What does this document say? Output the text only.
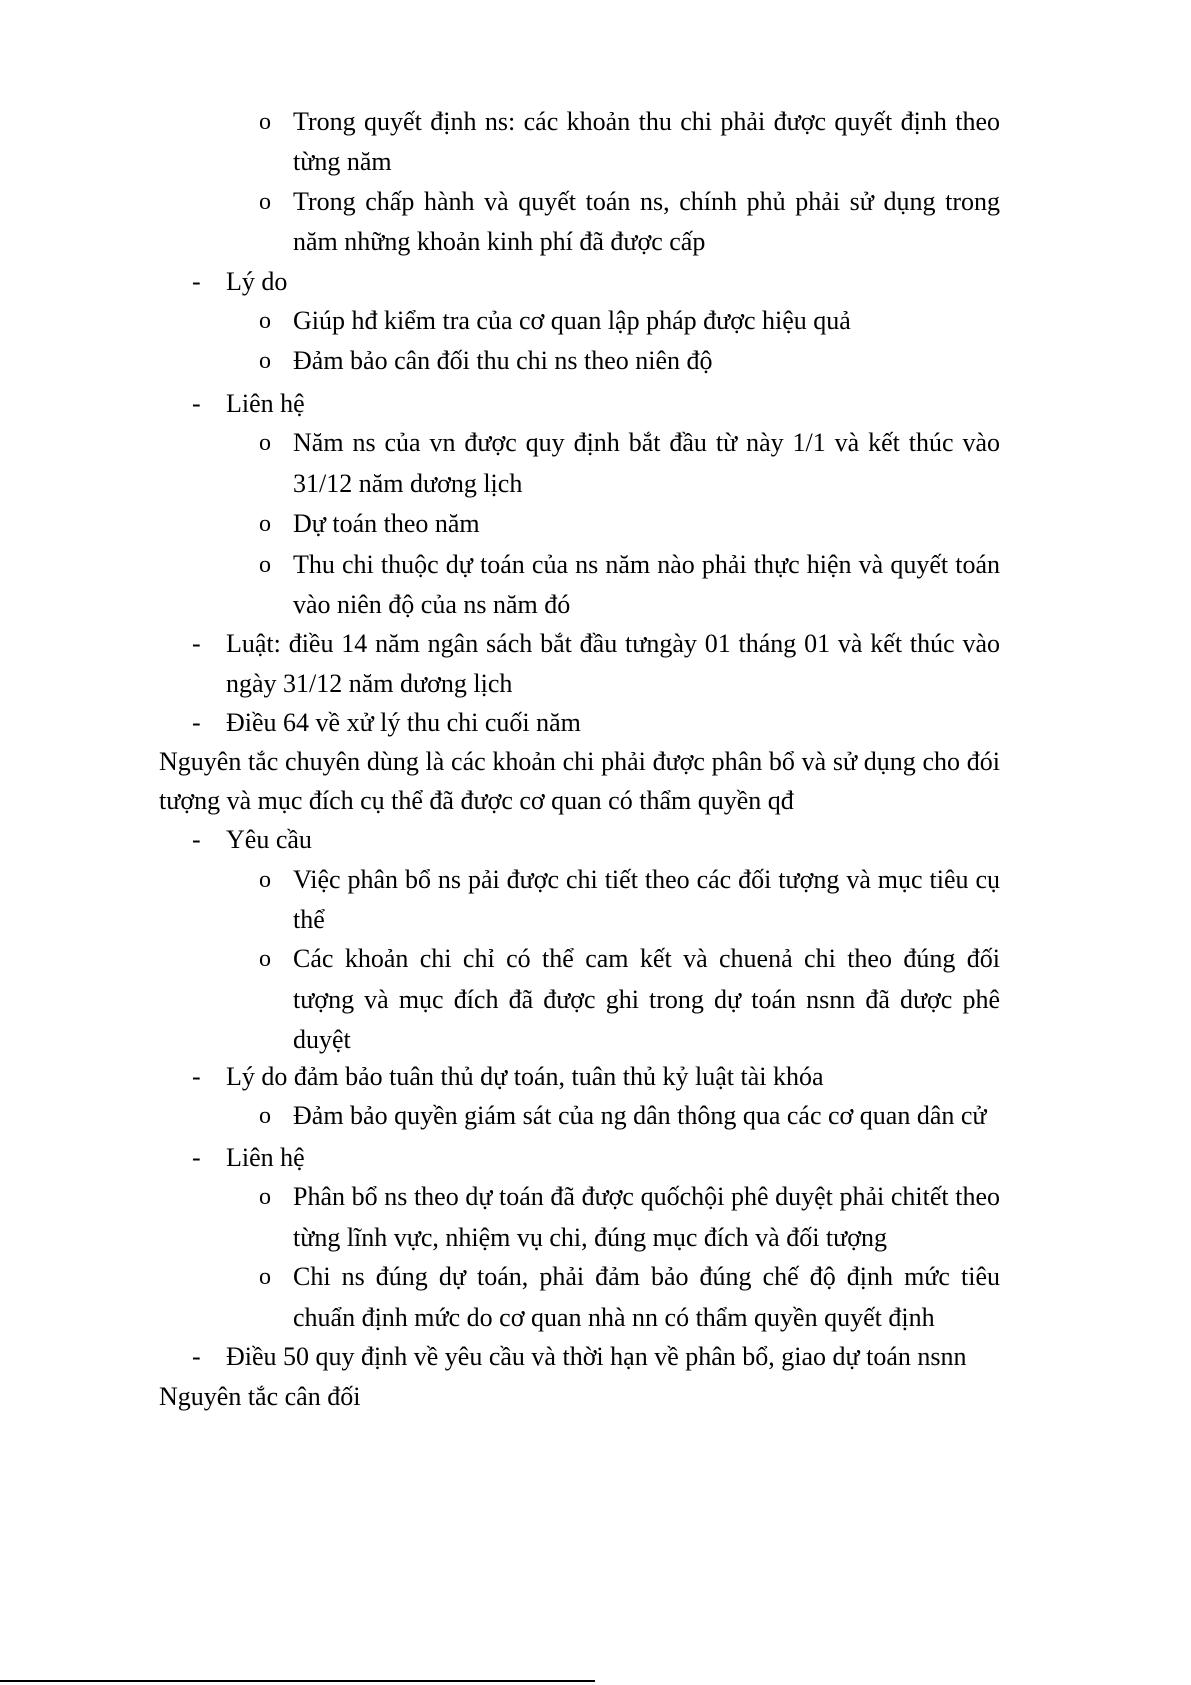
o Trong quyết định ns: các khoản thu chi phải được quyết định theo
từng năm
o Trong chấp hành và quyết toán ns, chính phủ phải sử dụng trong
năm những khoản kinh phí đã được cấp
- Lý do
o Giúp hđ kiểm tra của cơ quan lập pháp được hiệu quả
o Đảm bảo cân đối thu chi ns theo niên độ
- Liên hệ
o Năm ns của vn được quy định bắt đầu từ này 1/1 và kết thúc vào
31/12 năm dương lịch
o Dự toán theo năm
o Thu chi thuộc dự toán của ns năm nào phải thực hiện và quyết toán
vào niên độ của ns năm đó
- Luật: điều 14 năm ngân sách bắt đầu tưngày 01 tháng 01 và kết thúc vào
ngày 31/12 năm dương lịch
- Điều 64 về xử lý thu chi cuối năm
Nguyên tắc chuyên dùng là các khoản chi phải được phân bổ và sử dụng cho đói
tượng và mục đích cụ thể đã được cơ quan có thẩm quyền qđ
- Yêu cầu
o Việc phân bổ ns pải được chi tiết theo các đối tượng và mục tiêu cụ
thể
o Các khoản chi chỉ có thể cam kết và chuenả chi theo đúng đối
tượng và mục đích đã được ghi trong dự toán nsnn đã dược phê
duyệt
- Lý do đảm bảo tuân thủ dự toán, tuân thủ kỷ luật tài khóa
o Đảm bảo quyền giám sát của ng dân thông qua các cơ quan dân cử
- Liên hệ
o Phân bổ ns theo dự toán đã được quốchội phê duyệt phải chitết theo
từng lĩnh vực, nhiệm vụ chi, đúng mục đích và đối tượng
o Chi ns đúng dự toán, phải đảm bảo đúng chế độ định mức tiêu
chuẩn định mức do cơ quan nhà nn có thẩm quyền quyết định
- Điều 50 quy định về yêu cầu và thời hạn về phân bổ, giao dự toán nsnn
Nguyên tắc cân đối
